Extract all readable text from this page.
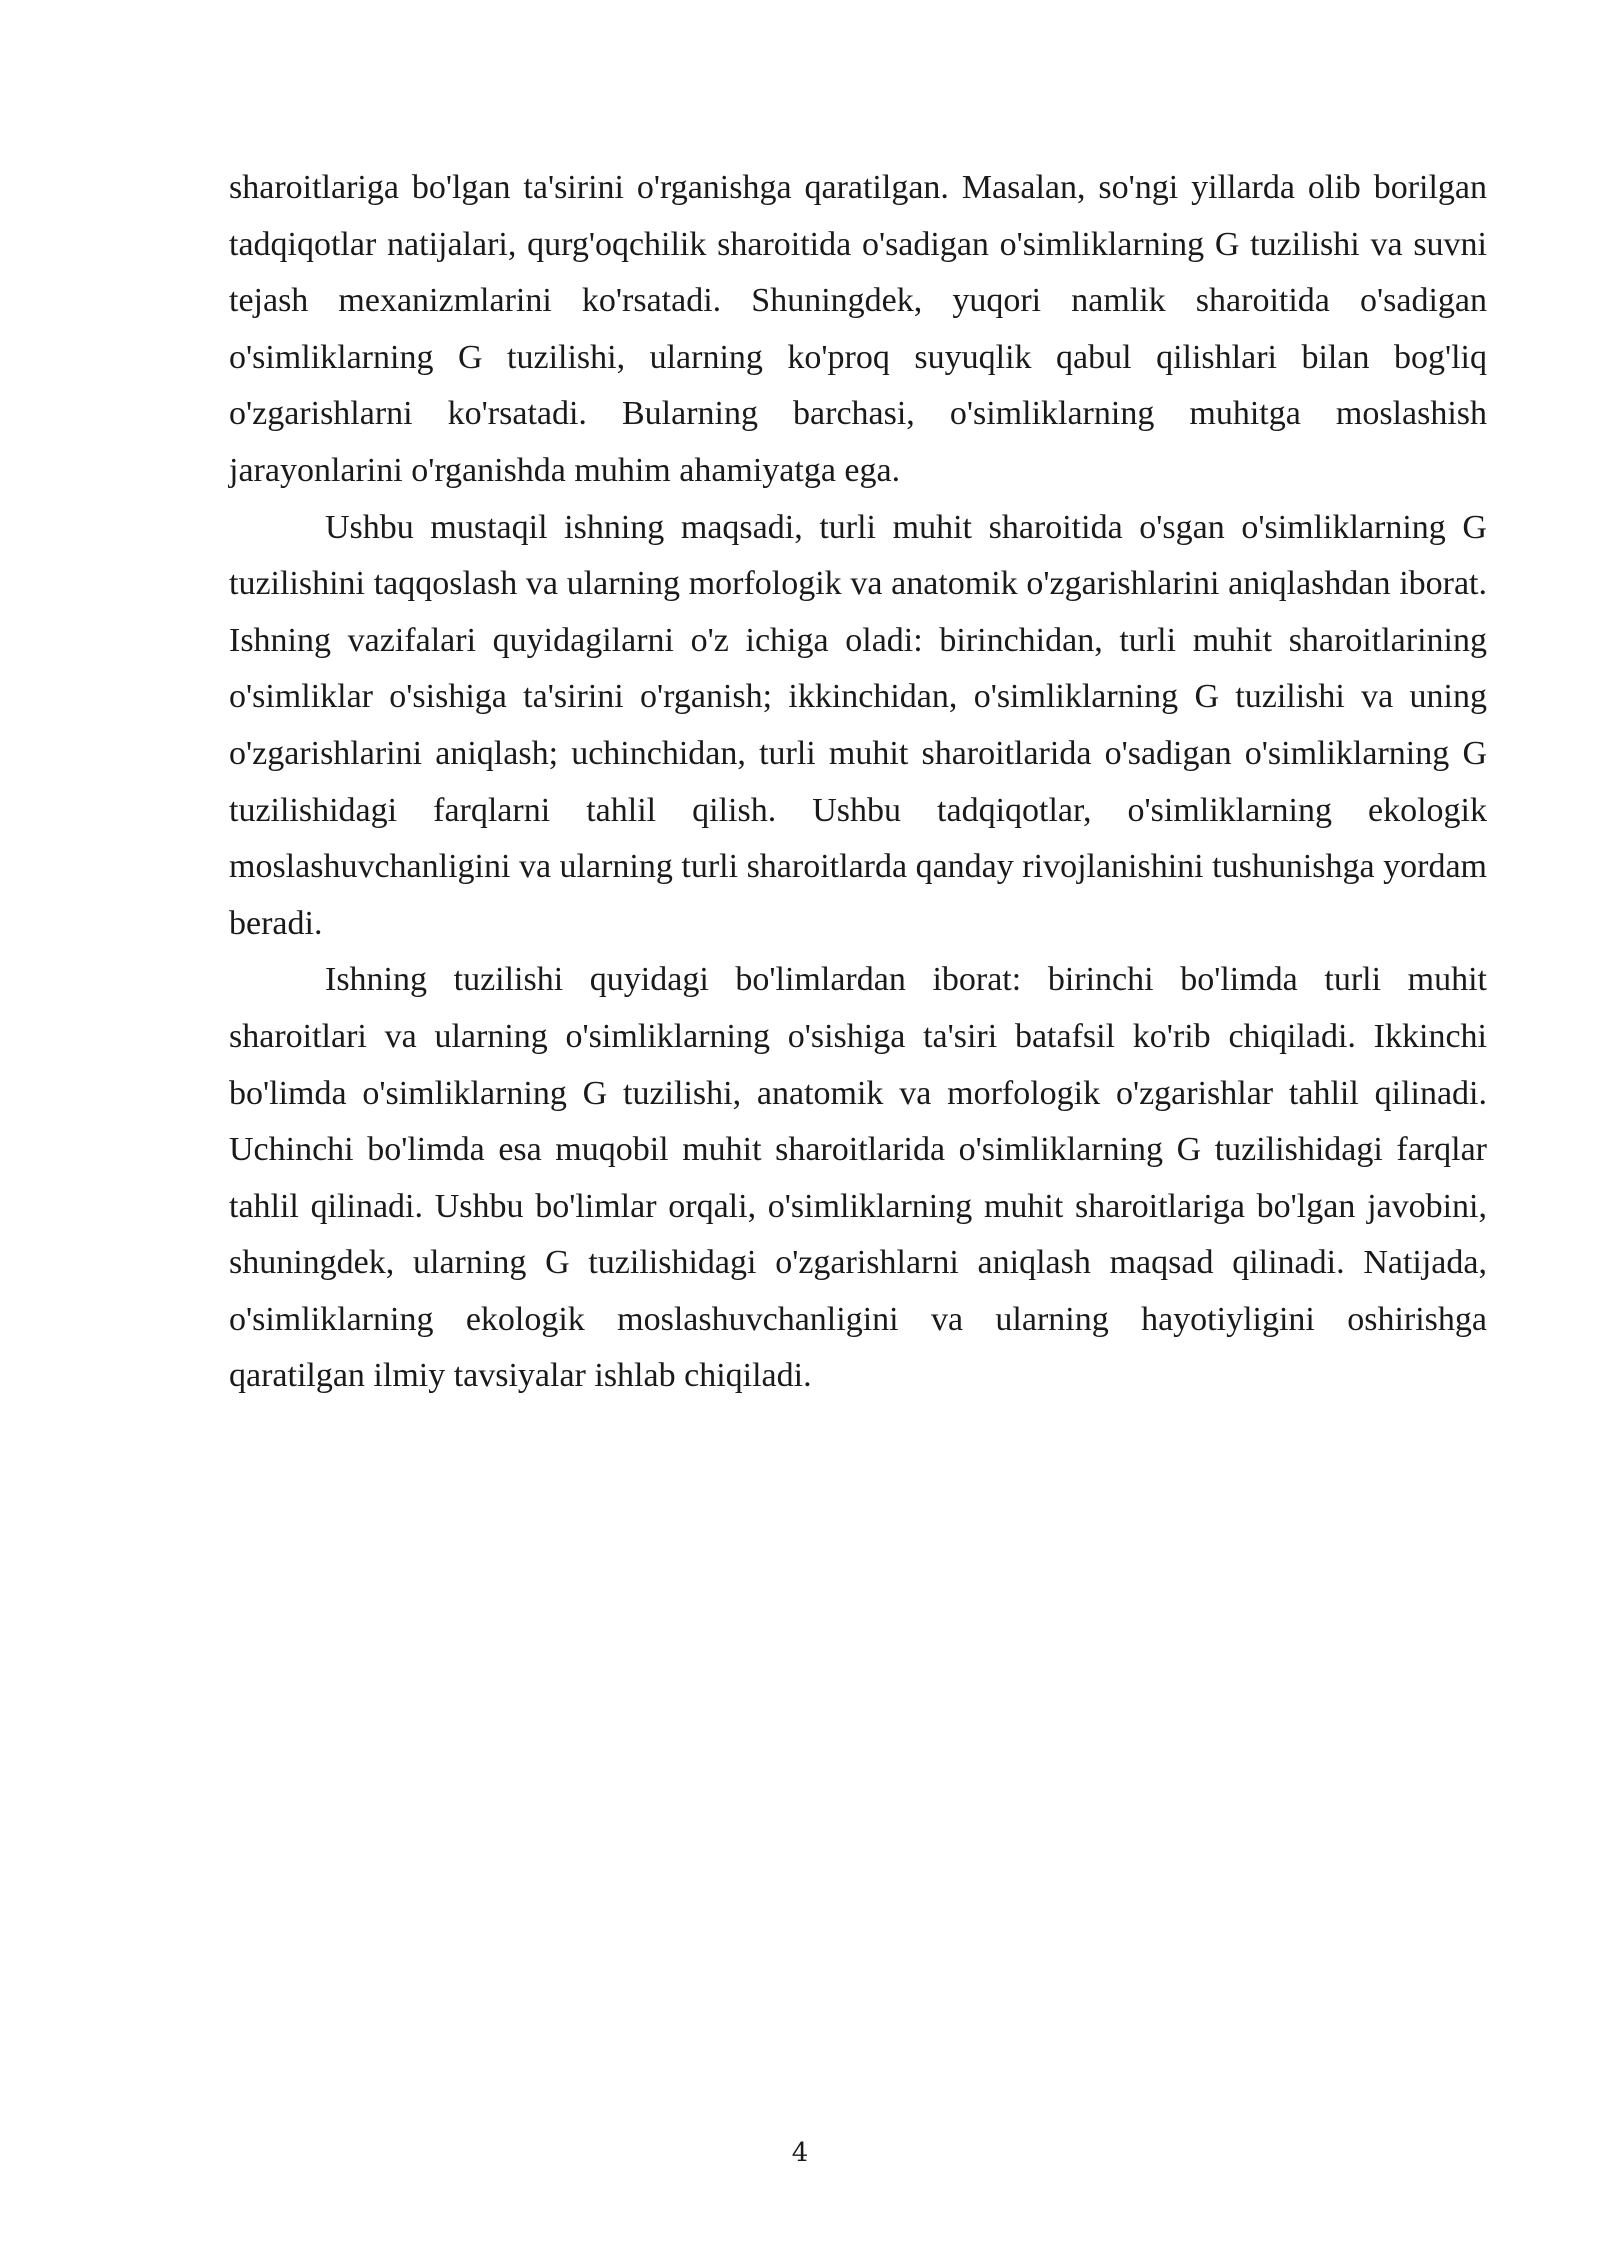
sharoitlariga bo'lgan ta'sirini o'rganishga qaratilgan. Masalan, so'ngi yillarda olib borilgan tadqiqotlar natijalari, qurg'oqchilik sharoitida o'sadigan o'simliklarning G tuzilishi va suvni tejash mexanizmlarini ko'rsatadi. Shuningdek, yuqori namlik sharoitida o'sadigan o'simliklarning G tuzilishi, ularning ko'proq suyuqlik qabul qilishlari bilan bog'liq o'zgarishlarni ko'rsatadi. Bularning barchasi, o'simliklarning muhitga moslashish jarayonlarini o'rganishda muhim ahamiyatga ega.

Ushbu mustaqil ishning maqsadi, turli muhit sharoitida o'sgan o'simliklarning G tuzilishini taqqoslash va ularning morfologik va anatomik o'zgarishlarini aniqlashdan iborat. Ishning vazifalari quyidagilarni o'z ichiga oladi: birinchidan, turli muhit sharoitlarining o'simliklar o'sishiga ta'sirini o'rganish; ikkinchidan, o'simliklarning G tuzilishi va uning o'zgarishlarini aniqlash; uchinchidan, turli muhit sharoitlarida o'sadigan o'simliklarning G tuzilishidagi farqlarni tahlil qilish. Ushbu tadqiqotlar, o'simliklarning ekologik moslashuvchanligini va ularning turli sharoitlarda qanday rivojlanishini tushunishga yordam beradi.

Ishning tuzilishi quyidagi bo'limlardan iborat: birinchi bo'limda turli muhit sharoitlari va ularning o'simliklarning o'sishiga ta'siri batafsil ko'rib chiqiladi. Ikkinchi bo'limda o'simliklarning G tuzilishi, anatomik va morfologik o'zgarishlar tahlil qilinadi. Uchinchi bo'limda esa muqobil muhit sharoitlarida o'simliklarning G tuzilishidagi farqlar tahlil qilinadi. Ushbu bo'limlar orqali, o'simliklarning muhit sharoitlariga bo'lgan javobini, shuningdek, ularning G tuzilishidagi o'zgarishlarni aniqlash maqsad qilinadi. Natijada, o'simliklarning ekologik moslashuvchanligini va ularning hayotiyligini oshirishga qaratilgan ilmiy tavsiyalar ishlab chiqiladi.

4
